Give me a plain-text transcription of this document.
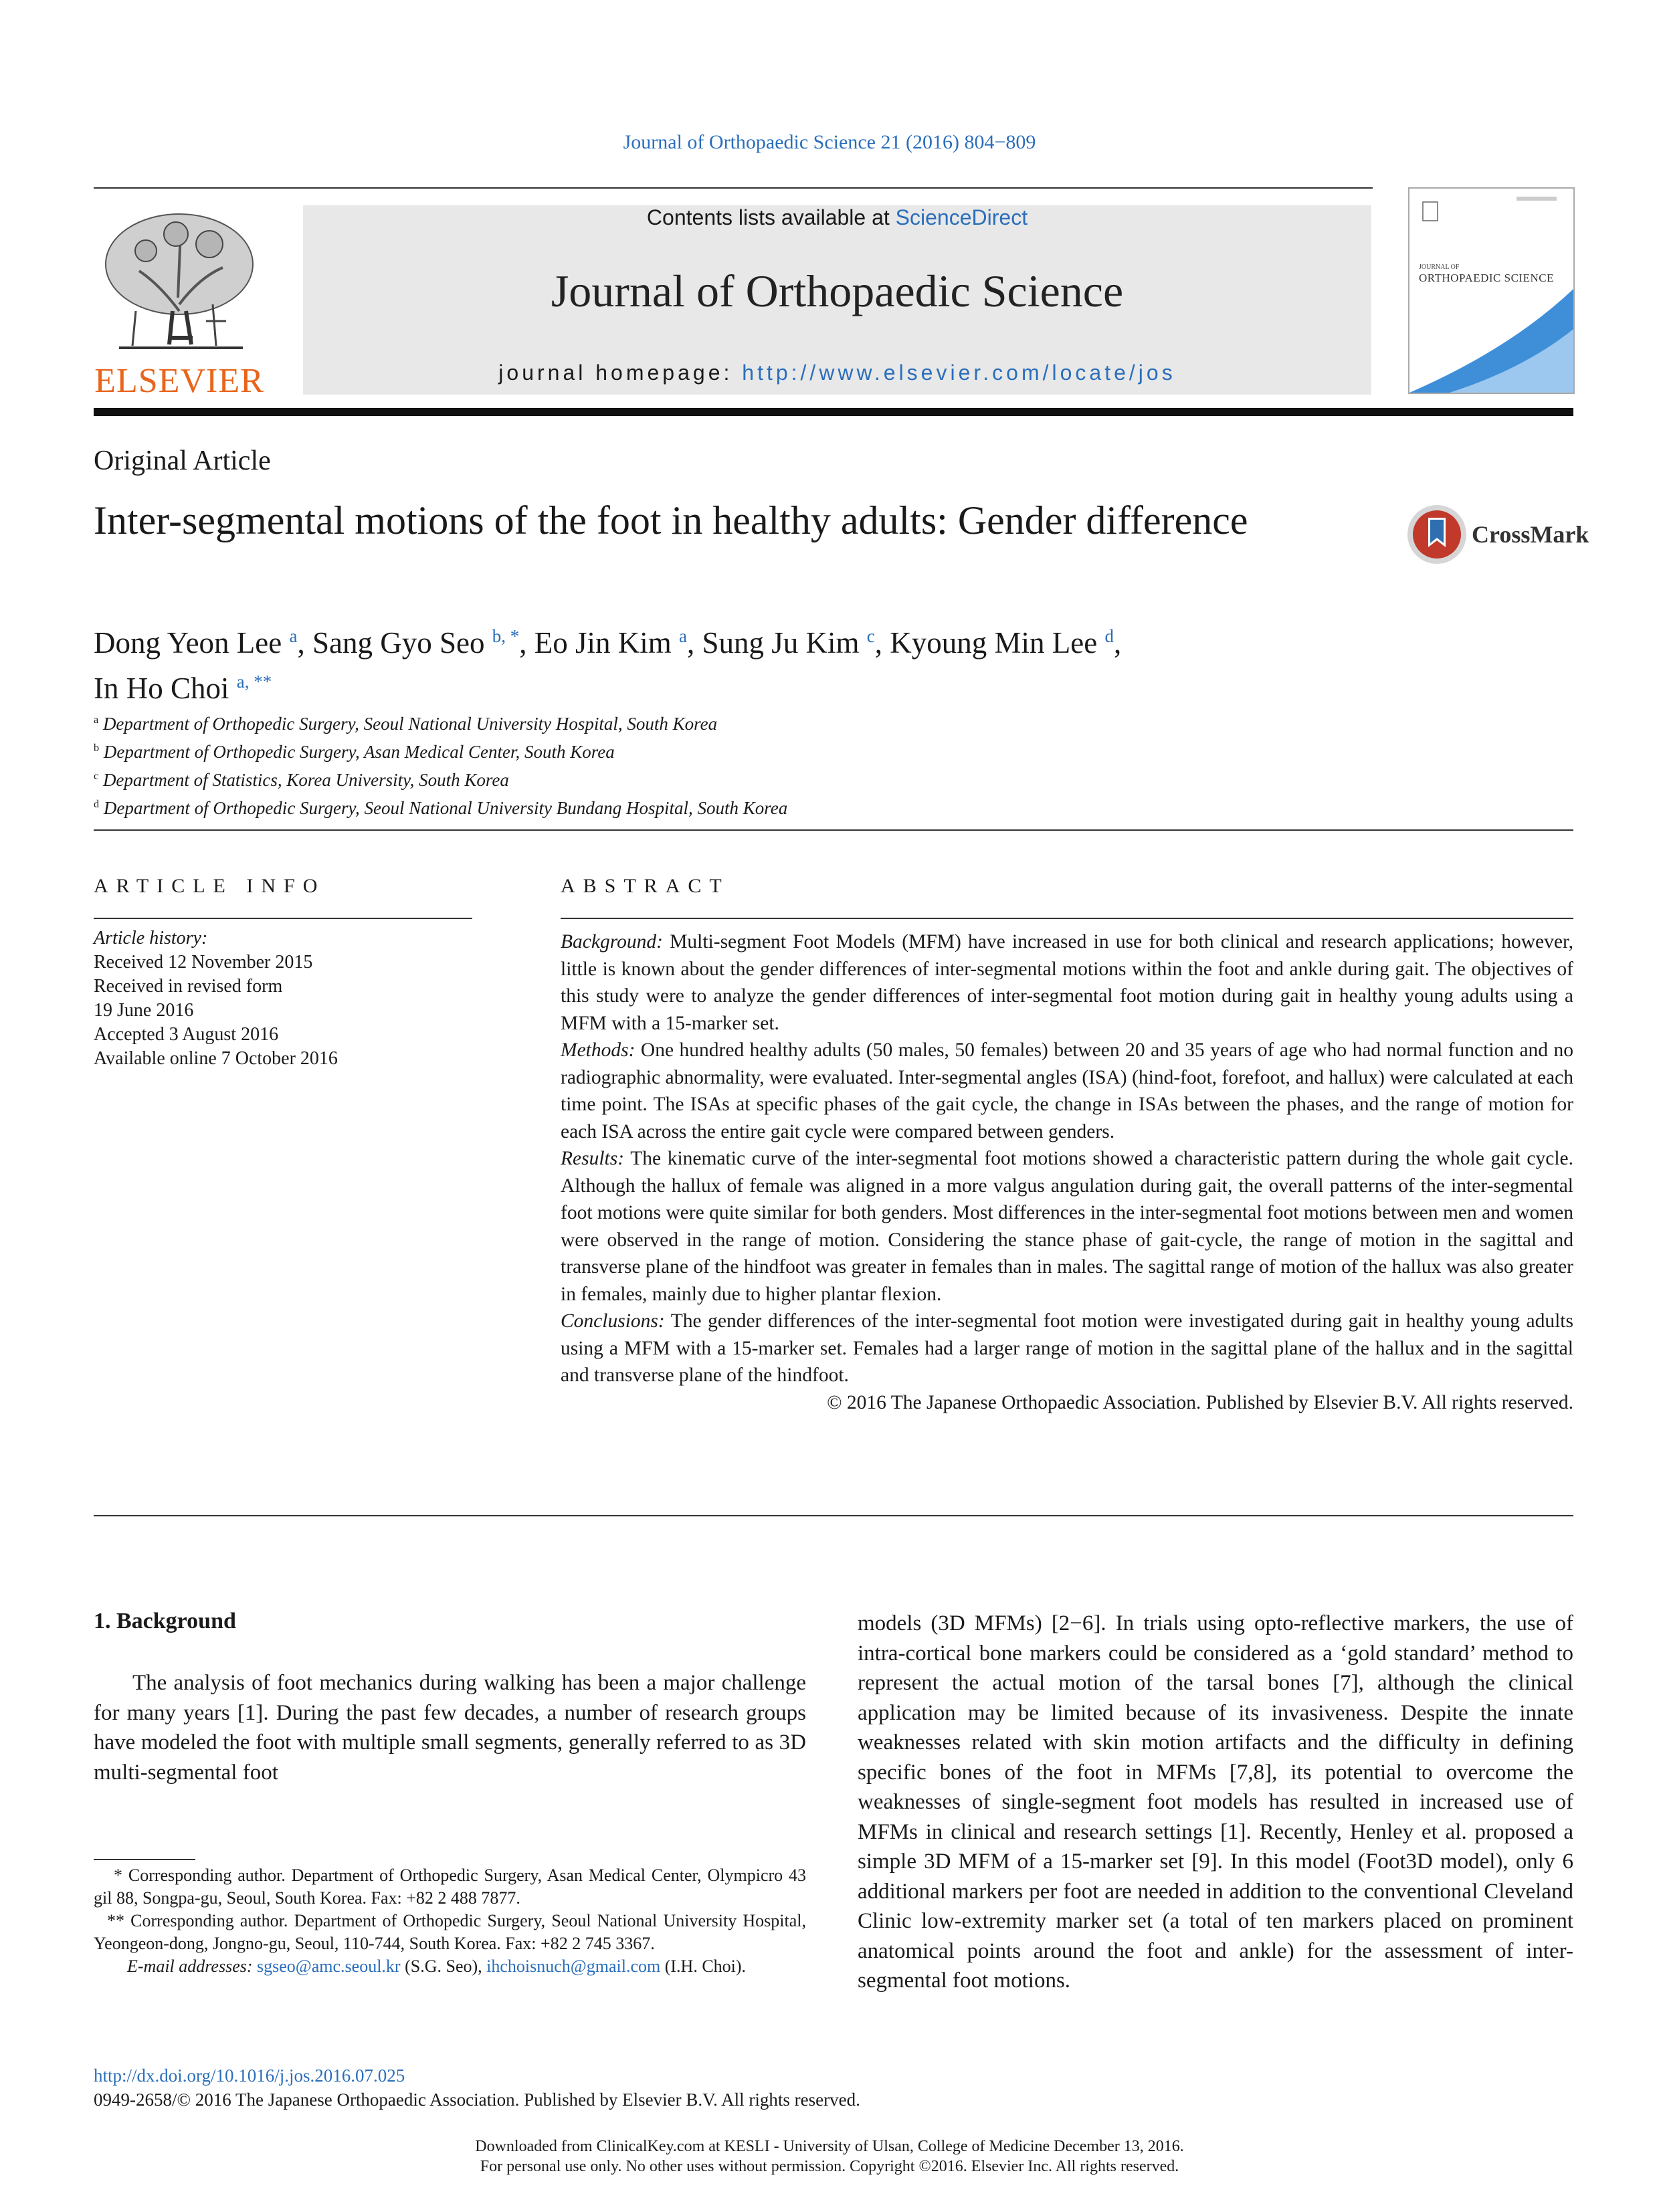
Journal of Orthopaedic Science 21 (2016) 804−809
ELSEVIER
Contents lists available at ScienceDirect
Journal of Orthopaedic Science
journal homepage: http://www.elsevier.com/locate/jos
JOURNAL OF
ORTHOPAEDIC SCIENCE
Original Article
Inter-segmental motions of the foot in healthy adults: Gender difference	CrossMark
Dong Yeon Lee $^a$, Sang Gyo Seo $^{b, *}$, Eo Jin Kim $^a$, Sung Ju Kim $^c$, Kyoung Min Lee $^d$,
In Ho Choi $^{a, **}$
$^a$ Department of Orthopedic Surgery, Seoul National University Hospital, South Korea
$^b$ Department of Orthopedic Surgery, Asan Medical Center, South Korea
$^c$ Department of Statistics, Korea University, South Korea
$^d$ Department of Orthopedic Surgery, Seoul National University Bundang Hospital, South Korea
ARTICLE INFO
Article history:
Received 12 November 2015
Received in revised form
19 June 2016
Accepted 3 August 2016
Available online 7 October 2016
ABSTRACT

Background: Multi-segment Foot Models (MFM) have increased in use for both clinical and research applications; however, little is known about the gender differences of inter-segmental motions within the foot and ankle during gait. The objectives of this study were to analyze the gender differences of inter-segmental foot motion during gait in healthy young adults using a MFM with a 15-marker set.

Methods: One hundred healthy adults (50 males, 50 females) between 20 and 35 years of age who had normal function and no radiographic abnormality, were evaluated. Inter-segmental angles (ISA) (hind-foot, forefoot, and hallux) were calculated at each time point. The ISAs at specific phases of the gait cycle, the change in ISAs between the phases, and the range of motion for each ISA across the entire gait cycle were compared between genders.

Results: The kinematic curve of the inter-segmental foot motions showed a characteristic pattern during the whole gait cycle. Although the hallux of female was aligned in a more valgus angulation during gait, the overall patterns of the inter-segmental foot motions were quite similar for both genders. Most differences in the inter-segmental foot motions between men and women were observed in the range of motion. Considering the stance phase of gait-cycle, the range of motion in the sagittal and transverse plane of the hindfoot was greater in females than in males. The sagittal range of motion of the hallux was also greater in females, mainly due to higher plantar flexion.

Conclusions: The gender differences of the inter-segmental foot motion were investigated during gait in healthy young adults using a MFM with a 15-marker set. Females had a larger range of motion in the sagittal plane of the hallux and in the sagittal and transverse plane of the hindfoot.

© 2016 The Japanese Orthopaedic Association. Published by Elsevier B.V. All rights reserved.

1. Background
The analysis of foot mechanics during walking has been a major challenge for many years [1]. During the past few decades, a number of research groups have modeled the foot with multiple small segments, generally referred to as 3D multi-segmental foot
models (3D MFMs) [2−6]. In trials using opto-reflective markers, the use of intra-cortical bone markers could be considered as a ‘gold standard’ method to represent the actual motion of the tarsal bones [7], although the clinical application may be limited because of its invasiveness. Despite the innate weaknesses related with skin motion artifacts and the difficulty in defining specific bones of the foot in MFMs [7,8], its potential to overcome the weaknesses of single-segment foot models has resulted in increased use of MFMs in clinical and research settings [1]. Recently, Henley et al. proposed a simple 3D MFM of a 15-marker set [9]. In this model (Foot3D model), only 6 additional markers per foot are needed in addition to the conventional Cleveland Clinic low-extremity marker set (a total of ten markers placed on prominent anatomical points around the foot and ankle) for the assessment of inter-segmental foot motions.

* Corresponding author. Department of Orthopedic Surgery, Asan Medical Center, Olympicro 43 gil 88, Songpa-gu, Seoul, South Korea. Fax: +82 2 488 7877.

** Corresponding author. Department of Orthopedic Surgery, Seoul National University Hospital, Yeongeon-dong, Jongno-gu, Seoul, 110-744, South Korea. Fax: +82 2 745 3367.

E-mail addresses: sgseo@amc.seoul.kr (S.G. Seo), ihchoisnuch@gmail.com (I.H. Choi).

http://dx.doi.org/10.1016/j.jos.2016.07.025
0949-2658/© 2016 The Japanese Orthopaedic Association. Published by Elsevier B.V. All rights reserved.
Downloaded from ClinicalKey.com at KESLI - University of Ulsan, College of Medicine December 13, 2016.
For personal use only. No other uses without permission. Copyright ©2016. Elsevier Inc. All rights reserved.
